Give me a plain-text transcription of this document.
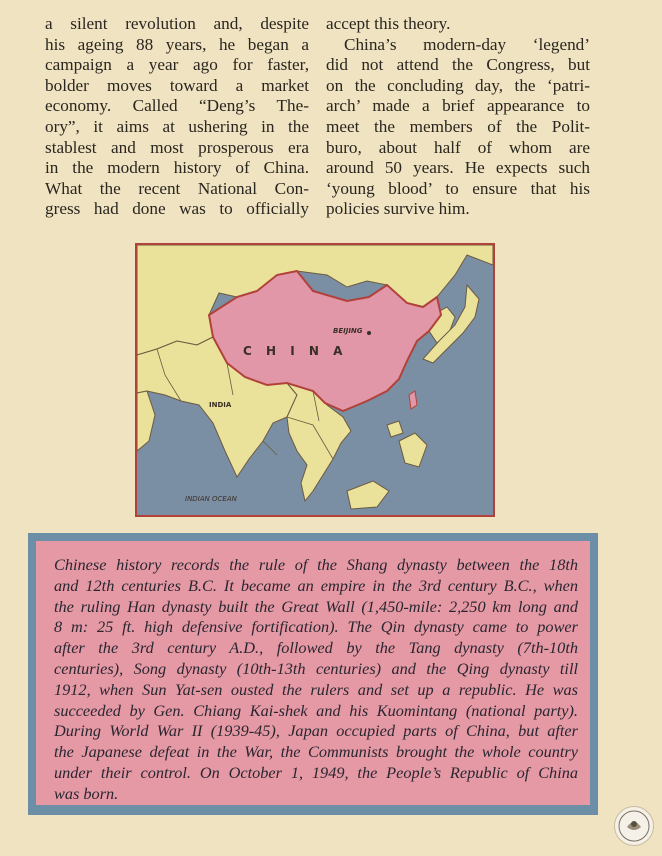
a silent revolution and, despite
his ageing 88 years, he began a
campaign a year ago for faster,
bolder moves toward a market
economy. Called “Deng’s The-
ory”, it aims at ushering in the
stablest and most prosperous era
in the modern history of China.
What the recent National Con-
gress had done was to officially

accept this theory.

China’s modern-day ‘legend’
did not attend the Congress, but
on the concluding day, the ‘patri-
arch’ made a brief appearance to
meet the members of the Polit-
buro, about half of whom are
around 50 years. He expects such
‘young blood’ to ensure that his
policies survive him.

BEIJING
C H I N A
INDIA
INDIAN OCEAN
Chinese history records the rule of the Shang dynasty between the 18th
and 12th centuries B.C. It became an empire in the 3rd century B.C., when
the ruling Han dynasty built the Great Wall (1,450-mile: 2,250 km long and
8 m: 25 ft. high defensive fortification). The Qin dynasty came to power
after the 3rd century A.D., followed by the Tang dynasty (7th-10th
centuries), Song dynasty (10th-13th centuries) and the Qing dynasty till
1912, when Sun Yat-sen ousted the rulers and set up a republic. He was
succeeded by Gen. Chiang Kai-shek and his Kuomintang (national party).
During World War II (1939-45), Japan occupied parts of China, but after
the Japanese defeat in the War, the Communists brought the whole country
under their control. On October 1, 1949, the People’s Republic of China
was born.
